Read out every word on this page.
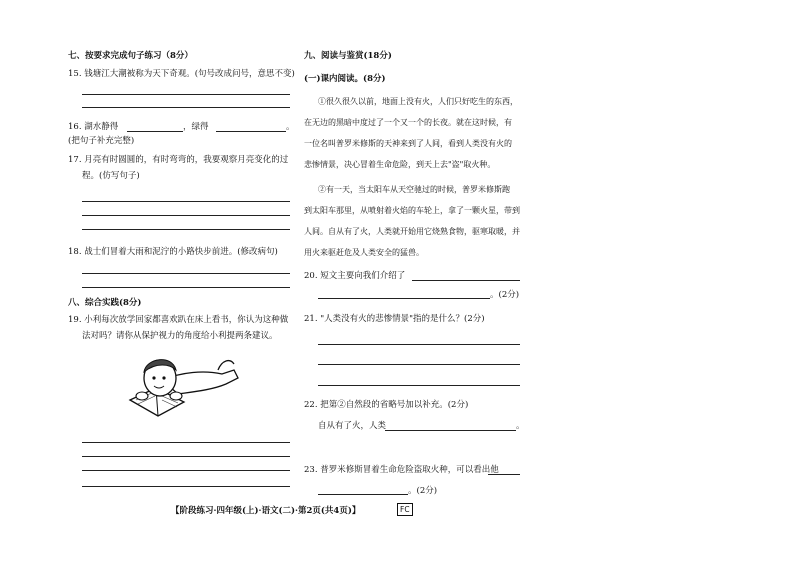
七、按要求完成句子练习（8分）
15. 钱塘江大潮被称为天下奇观。(句号改成问号，意思不变)
16. 湖水静得	，绿得	。
(把句子补充完整)
17. 月亮有时圆圆的，有时弯弯的，我要观察月亮变化的过
程。(仿写句子)
18. 战士们冒着大雨和泥泞的小路快步前进。(修改病句)
八、综合实践(8分)
19. 小利每次放学回家都喜欢趴在床上看书，你认为这种做
法对吗？请你从保护视力的角度给小利提两条建议。
九、阅读与鉴赏(18分)
(一)课内阅读。(8分)
①很久很久以前，地面上没有火，人们只好吃生的东西，
在无边的黑暗中度过了一个又一个的长夜。就在这时候，有
一位名叫普罗米修斯的天神来到了人间，看到人类没有火的
悲惨情景，决心冒着生命危险，到天上去"盗"取火种。
②有一天，当太阳车从天空驰过的时候，普罗米修斯跑
到太阳车那里，从喷射着火焰的车轮上，拿了一颗火星，带到
人间。自从有了火，人类就开始用它烧熟食物，驱寒取暖，并
用火来驱赶危及人类安全的猛兽。
20. 短文主要向我们介绍了
。(2分)
21. "人类没有火的悲惨情景"指的是什么？(2分)
22. 把第②自然段的省略号加以补充。(2分)
自从有了火，人类	。
23. 普罗米修斯冒着生命危险盗取火种，可以看出他
。(2分)
【阶段练习·四年级(上)·语文(二)·第2页(共4页)】	FC
